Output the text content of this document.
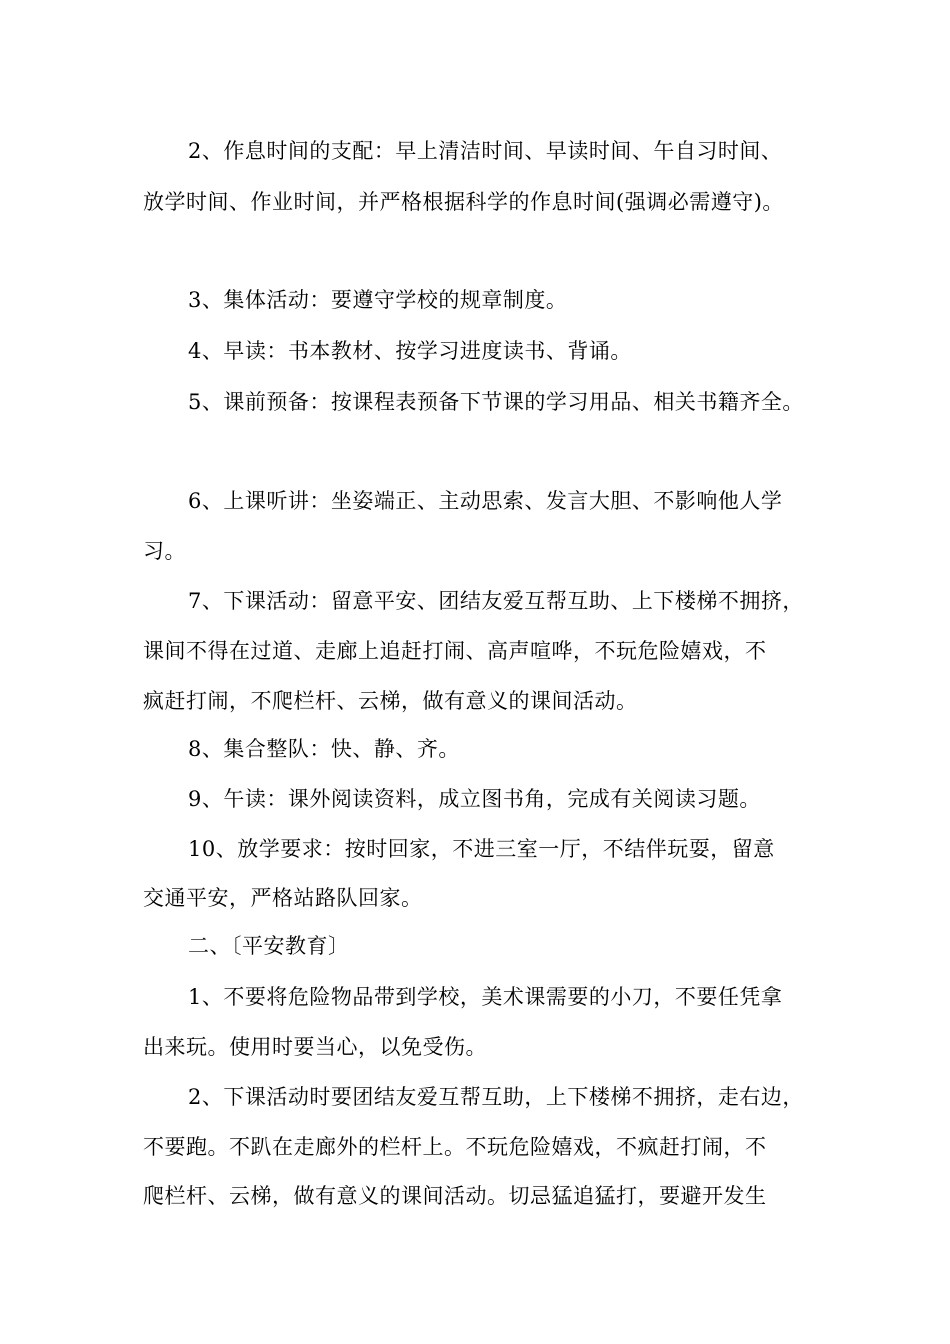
2、作息时间的支配：早上清洁时间、早读时间、午自习时间、
放学时间、作业时间，并严格根据科学的作息时间(强调必需遵守)。
3、集体活动：要遵守学校的规章制度。
4、早读：书本教材、按学习进度读书、背诵。
5、课前预备：按课程表预备下节课的学习用品、相关书籍齐全。
6、上课听讲：坐姿端正、主动思索、发言大胆、不影响他人学
习。
7、下课活动：留意平安、团结友爱互帮互助、上下楼梯不拥挤，
课间不得在过道、走廊上追赶打闹、高声喧哗，不玩危险嬉戏，不
疯赶打闹，不爬栏杆、云梯，做有意义的课间活动。
8、集合整队：快、静、齐。
9、午读：课外阅读资料，成立图书角，完成有关阅读习题。
10、放学要求：按时回家，不进三室一厅，不结伴玩耍，留意
交通平安，严格站路队回家。
二、〔平安教育〕
1、不要将危险物品带到学校，美术课需要的小刀，不要任凭拿
出来玩。使用时要当心，以免受伤。
2、下课活动时要团结友爱互帮互助，上下楼梯不拥挤，走右边，
不要跑。不趴在走廊外的栏杆上。不玩危险嬉戏，不疯赶打闹，不
爬栏杆、云梯，做有意义的课间活动。切忌猛追猛打，要避开发生
